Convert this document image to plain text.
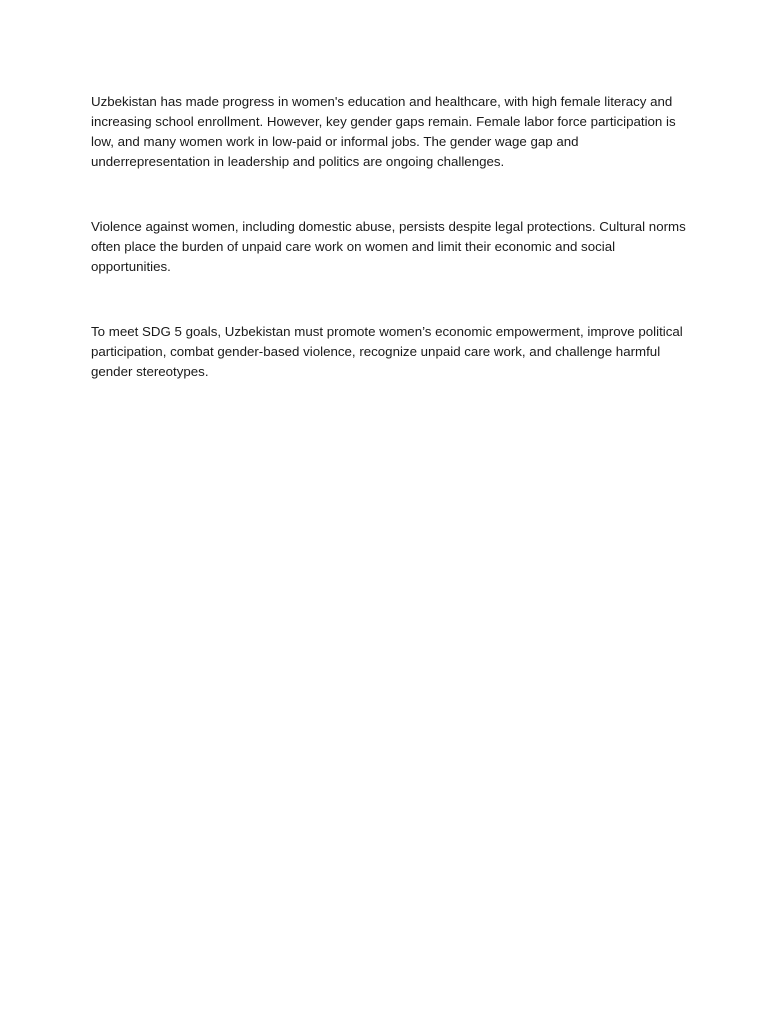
Uzbekistan has made progress in women's education and healthcare, with high female literacy and increasing school enrollment. However, key gender gaps remain. Female labor force participation is low, and many women work in low-paid or informal jobs. The gender wage gap and underrepresentation in leadership and politics are ongoing challenges.

Violence against women, including domestic abuse, persists despite legal protections. Cultural norms often place the burden of unpaid care work on women and limit their economic and social opportunities.

To meet SDG 5 goals, Uzbekistan must promote women’s economic empowerment, improve political participation, combat gender-based violence, recognize unpaid care work, and challenge harmful gender stereotypes.
